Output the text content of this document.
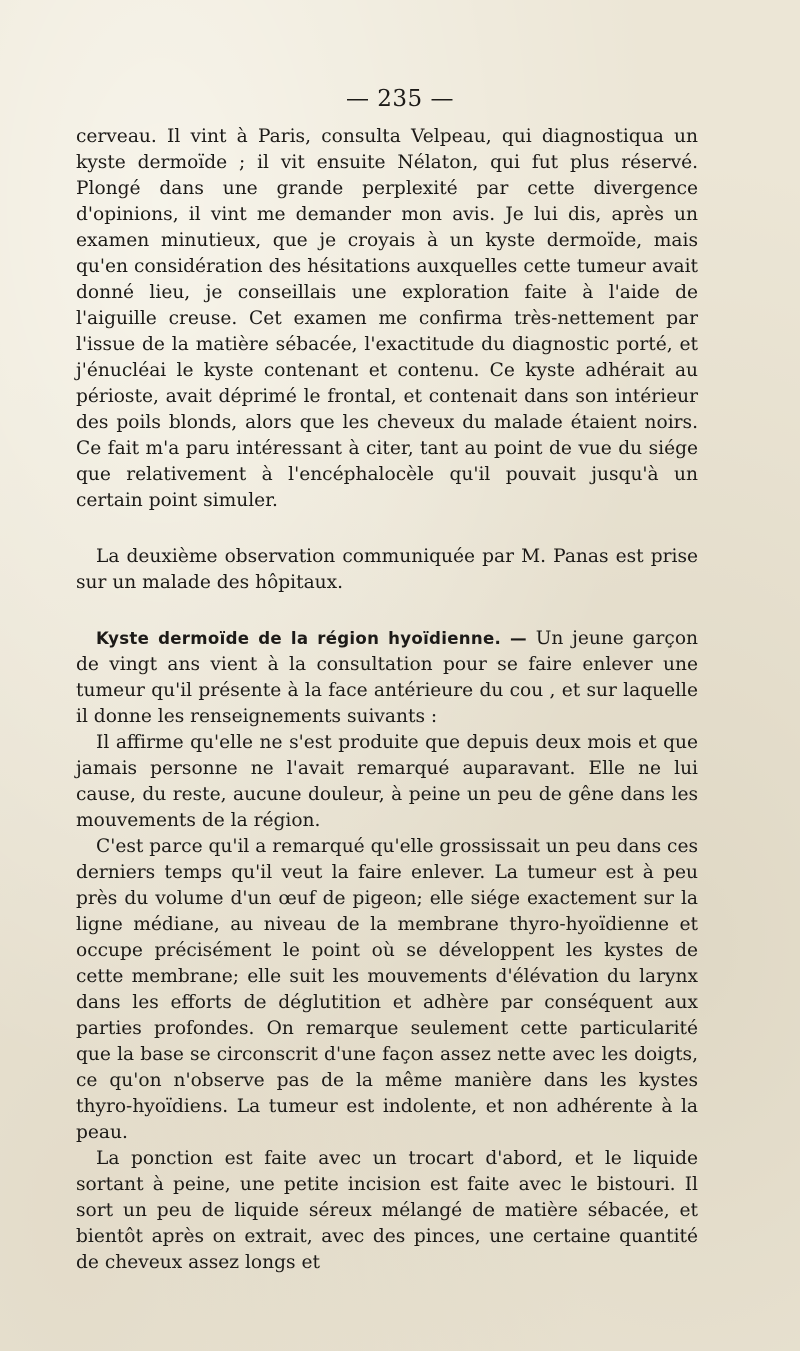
— 235 —

cerveau. Il vint à Paris, consulta Velpeau, qui diagnostiqua un kyste dermoïde ; il vit ensuite Nélaton, qui fut plus réservé. Plongé dans une grande perplexité par cette divergence d'opinions, il vint me demander mon avis. Je lui dis, après un examen minutieux, que je croyais à un kyste dermoïde, mais qu'en considération des hésitations auxquelles cette tumeur avait donné lieu, je conseillais une exploration faite à l'aide de l'aiguille creuse. Cet examen me confirma très-nettement par l'issue de la matière sébacée, l'exactitude du diagnostic porté, et j'énucléai le kyste contenant et contenu. Ce kyste adhérait au périoste, avait déprimé le frontal, et contenait dans son intérieur des poils blonds, alors que les cheveux du malade étaient noirs. Ce fait m'a paru intéressant à citer, tant au point de vue du siége que relativement à l'encéphalocèle qu'il pouvait jusqu'à un certain point simuler.

La deuxième observation communiquée par M. Panas est prise sur un malade des hôpitaux.

Kyste dermoïde de la région hyoïdienne. — Un jeune garçon de vingt ans vient à la consultation pour se faire enlever une tumeur qu'il présente à la face antérieure du cou , et sur laquelle il donne les renseignements suivants :

Il affirme qu'elle ne s'est produite que depuis deux mois et que jamais personne ne l'avait remarqué auparavant. Elle ne lui cause, du reste, aucune douleur, à peine un peu de gêne dans les mouvements de la région.

C'est parce qu'il a remarqué qu'elle grossissait un peu dans ces derniers temps qu'il veut la faire enlever. La tumeur est à peu près du volume d'un œuf de pigeon; elle siége exactement sur la ligne médiane, au niveau de la membrane thyro-hyoïdienne et occupe précisément le point où se développent les kystes de cette membrane; elle suit les mouvements d'élévation du larynx dans les efforts de déglutition et adhère par conséquent aux parties profondes. On remarque seulement cette particularité que la base se circonscrit d'une façon assez nette avec les doigts, ce qu'on n'observe pas de la même manière dans les kystes thyro-hyoïdiens. La tumeur est indolente, et non adhérente à la peau.

La ponction est faite avec un trocart d'abord, et le liquide sortant à peine, une petite incision est faite avec le bistouri. Il sort un peu de liquide séreux mélangé de matière sébacée, et bientôt après on extrait, avec des pinces, une certaine quantité de cheveux assez longs et
